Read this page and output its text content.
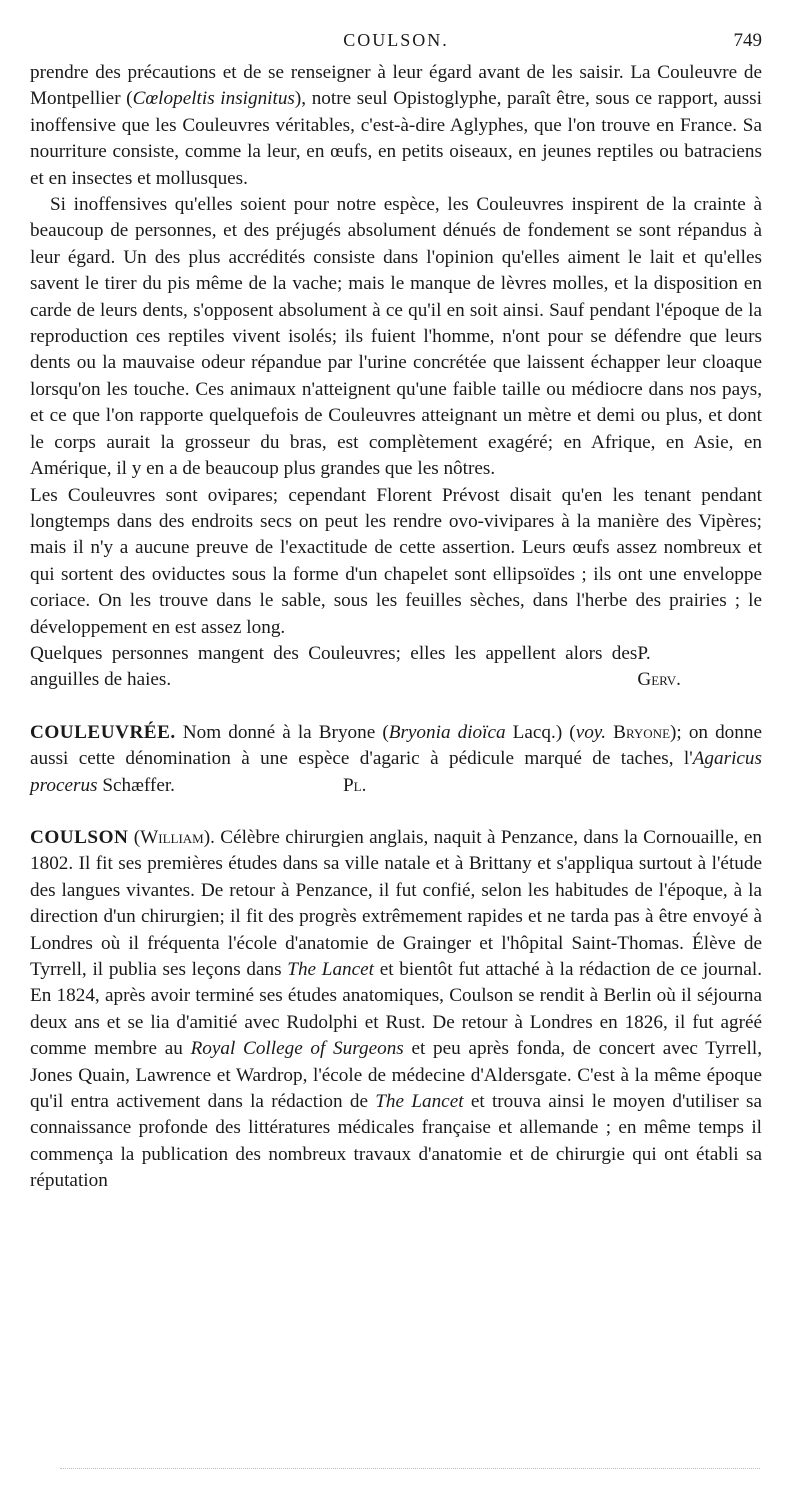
COULSON.	749

prendre des précautions et de se renseigner à leur égard avant de les saisir. La Couleuvre de Montpellier (Cœlopeltis insignitus), notre seul Opistoglyphe, paraît être, sous ce rapport, aussi inoffensive que les Couleuvres véritables, c'est-à-dire Aglyphes, que l'on trouve en France. Sa nourriture consiste, comme la leur, en œufs, en petits oiseaux, en jeunes reptiles ou batraciens et en insectes et mollusques.

Si inoffensives qu'elles soient pour notre espèce, les Couleuvres inspirent de la crainte à beaucoup de personnes, et des préjugés absolument dénués de fondement se sont répandus à leur égard. Un des plus accrédités consiste dans l'opinion qu'elles aiment le lait et qu'elles savent le tirer du pis même de la vache; mais le manque de lèvres molles, et la disposition en carde de leurs dents, s'opposent absolument à ce qu'il en soit ainsi. Sauf pendant l'époque de la reproduction ces reptiles vivent isolés; ils fuient l'homme, n'ont pour se défendre que leurs dents ou la mauvaise odeur répandue par l'urine concrétée que laissent échapper leur cloaque lorsqu'on les touche. Ces animaux n'atteignent qu'une faible taille ou médiocre dans nos pays, et ce que l'on rapporte quelquefois de Couleuvres atteignant un mètre et demi ou plus, et dont le corps aurait la grosseur du bras, est complètement exagéré; en Afrique, en Asie, en Amérique, il y en a de beaucoup plus grandes que les nôtres.

Les Couleuvres sont ovipares; cependant Florent Prévost disait qu'en les tenant pendant longtemps dans des endroits secs on peut les rendre ovo-vivipares à la manière des Vipères; mais il n'y a aucune preuve de l'exactitude de cette assertion. Leurs œufs assez nombreux et qui sortent des oviductes sous la forme d'un chapelet sont ellipsoïdes ; ils ont une enveloppe coriace. On les trouve dans le sable, sous les feuilles sèches, dans l'herbe des prairies ; le développement en est assez long.

Quelques personnes mangent des Couleuvres; elles les appellent alors des anguilles de haies.
P. Gerv.

COULEUVRÉE. Nom donné à la Bryone (Bryonia dioïca Lacq.) (voy. Bryone); on donne aussi cette dénomination à une espèce d'agaric à pédicule marqué de taches, l'Agaricus procerus Schæffer.	Pl.

COULSON (William). Célèbre chirurgien anglais, naquit à Penzance, dans la Cornouaille, en 1802. Il fit ses premières études dans sa ville natale et à Brittany et s'appliqua surtout à l'étude des langues vivantes. De retour à Penzance, il fut confié, selon les habitudes de l'époque, à la direction d'un chirurgien; il fit des progrès extrêmement rapides et ne tarda pas à être envoyé à Londres où il fréquenta l'école d'anatomie de Grainger et l'hôpital Saint-Thomas. Élève de Tyrrell, il publia ses leçons dans The Lancet et bientôt fut attaché à la rédaction de ce journal. En 1824, après avoir terminé ses études anatomiques, Coulson se rendit à Berlin où il séjourna deux ans et se lia d'amitié avec Rudolphi et Rust. De retour à Londres en 1826, il fut agréé comme membre au Royal College of Surgeons et peu après fonda, de concert avec Tyrrell, Jones Quain, Lawrence et Wardrop, l'école de médecine d'Aldersgate. C'est à la même époque qu'il entra activement dans la rédaction de The Lancet et trouva ainsi le moyen d'utiliser sa connaissance profonde des littératures médicales française et allemande ; en même temps il commença la publication des nombreux travaux d'anatomie et de chirurgie qui ont établi sa réputation
